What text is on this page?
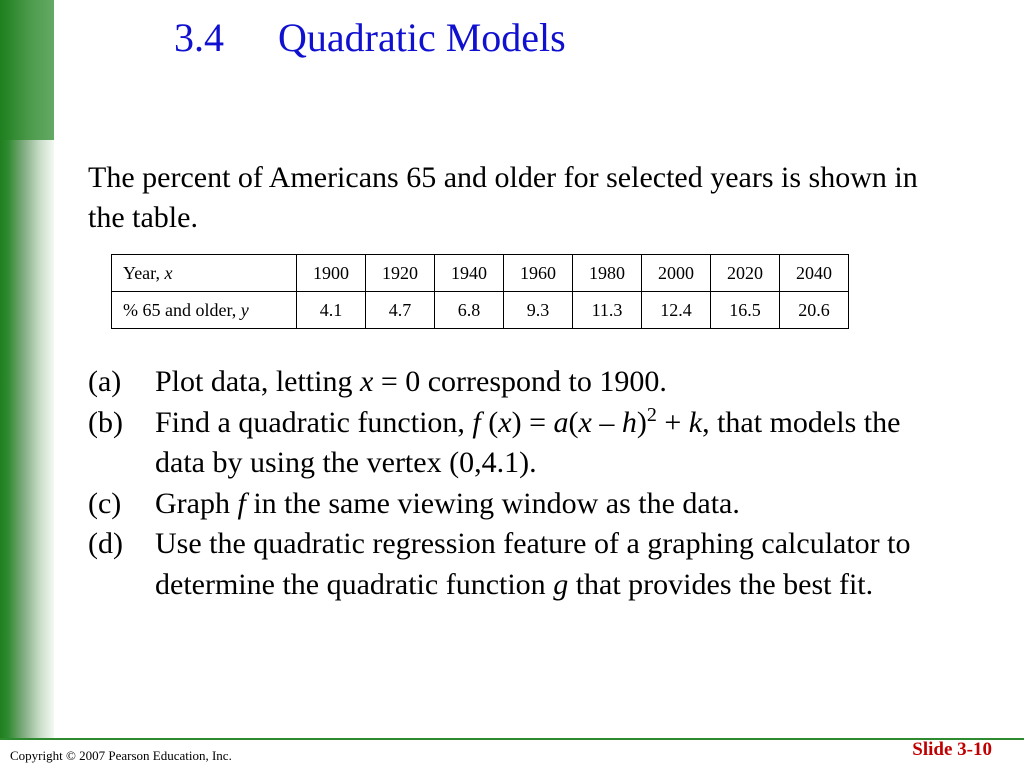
3.4 Quadratic Models

The percent of Americans 65 and older for selected years is shown in the table.

Year, x	1900	1920	1940	1960	1980	2000	2020	2040
% 65 and older, y	4.1	4.7	6.8	9.3	11.3	12.4	16.5	20.6
(a)	Plot data, letting x = 0 correspond to 1900.
(b)	Find a quadratic function, f (x) = a(x – h)$^2$ + k, that models the data by using the vertex (0,4.1).
(c)	Graph f in the same viewing window as the data.
(d)	Use the quadratic regression feature of a graphing calculator to determine the quadratic function g that provides the best fit.
Copyright © 2007 Pearson Education, Inc.	Slide 3-10
